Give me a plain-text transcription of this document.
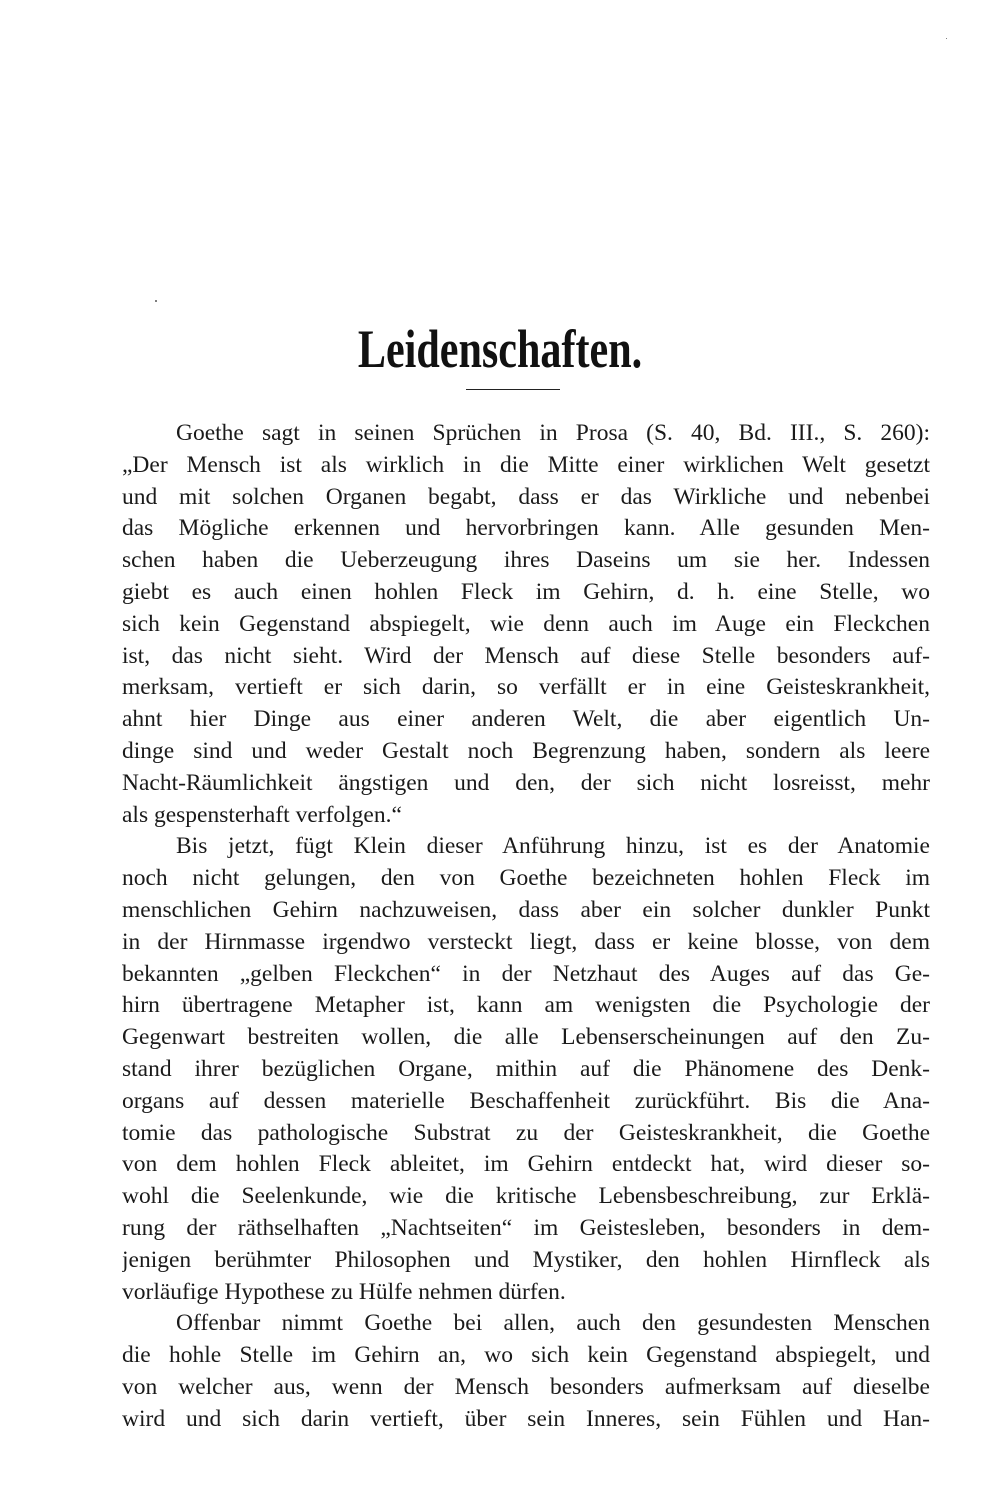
Leidenschaften.
Goethe sagt in seinen Sprüchen in Prosa (S. 40, Bd. III., S. 260):
„Der Mensch ist als wirklich in die Mitte einer wirklichen Welt gesetzt
und mit solchen Organen begabt, dass er das Wirkliche und nebenbei
das Mögliche erkennen und hervorbringen kann. Alle gesunden Men-
schen haben die Ueberzeugung ihres Daseins um sie her. Indessen
giebt es auch einen hohlen Fleck im Gehirn, d. h. eine Stelle, wo
sich kein Gegenstand abspiegelt, wie denn auch im Auge ein Fleckchen
ist, das nicht sieht. Wird der Mensch auf diese Stelle besonders auf-
merksam, vertieft er sich darin, so verfällt er in eine Geisteskrankheit,
ahnt hier Dinge aus einer anderen Welt, die aber eigentlich Un-
dinge sind und weder Gestalt noch Begrenzung haben, sondern als leere
Nacht-Räumlichkeit ängstigen und den, der sich nicht losreisst, mehr
als gespensterhaft verfolgen.“
Bis jetzt, fügt Klein dieser Anführung hinzu, ist es der Anatomie
noch nicht gelungen, den von Goethe bezeichneten hohlen Fleck im
menschlichen Gehirn nachzuweisen, dass aber ein solcher dunkler Punkt
in der Hirnmasse irgendwo versteckt liegt, dass er keine blosse, von dem
bekannten „gelben Fleckchen“ in der Netzhaut des Auges auf das Ge-
hirn übertragene Metapher ist, kann am wenigsten die Psychologie der
Gegenwart bestreiten wollen, die alle Lebenserscheinungen auf den Zu-
stand ihrer bezüglichen Organe, mithin auf die Phänomene des Denk-
organs auf dessen materielle Beschaffenheit zurückführt. Bis die Ana-
tomie das pathologische Substrat zu der Geisteskrankheit, die Goethe
von dem hohlen Fleck ableitet, im Gehirn entdeckt hat, wird dieser so-
wohl die Seelenkunde, wie die kritische Lebensbeschreibung, zur Erklä-
rung der räthselhaften „Nachtseiten“ im Geistesleben, besonders in dem-
jenigen berühmter Philosophen und Mystiker, den hohlen Hirnfleck als
vorläufige Hypothese zu Hülfe nehmen dürfen.
Offenbar nimmt Goethe bei allen, auch den gesundesten Menschen
die hohle Stelle im Gehirn an, wo sich kein Gegenstand abspiegelt, und
von welcher aus, wenn der Mensch besonders aufmerksam auf dieselbe
wird und sich darin vertieft, über sein Inneres, sein Fühlen und Han-
